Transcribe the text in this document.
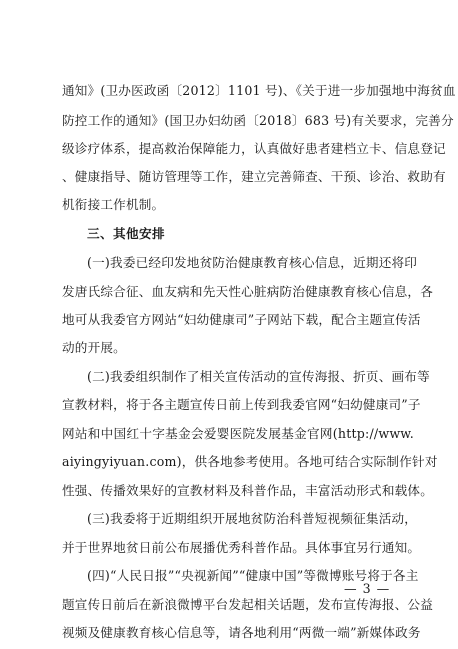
通知》(卫办医政函〔2012〕1101 号)、《关于进一步加强地中海贫血
防控工作的通知》(国卫办妇幼函〔2018〕683 号)有关要求，完善分
级诊疗体系，提高救治保障能力，认真做好患者建档立卡、信息登记
、健康指导、随访管理等工作，建立完善筛查、干预、诊治、救助有
机衔接工作机制。
三、其他安排
(一)我委已经印发地贫防治健康教育核心信息，近期还将印
发唐氏综合征、血友病和先天性心脏病防治健康教育核心信息，各
地可从我委官方网站“妇幼健康司”子网站下载，配合主题宣传活
动的开展。
(二)我委组织制作了相关宣传活动的宣传海报、折页、画布等
宣教材料，将于各主题宣传日前上传到我委官网“妇幼健康司”子
网站和中国红十字基金会爱婴医院发展基金官网(http://www.
aiyingyiyuan.com)，供各地参考使用。各地可结合实际制作针对
性强、传播效果好的宣教材料及科普作品，丰富活动形式和载体。
(三)我委将于近期组织开展地贫防治科普短视频征集活动，
并于世界地贫日前公布展播优秀科普作品。具体事宜另行通知。
(四)“人民日报”“央视新闻”“健康中国”等微博账号将于各主
题宣传日前后在新浪微博平台发起相关话题，发布宣传海报、公益
视频及健康教育核心信息等，请各地利用“两微一端”新媒体政务
— 3 —
